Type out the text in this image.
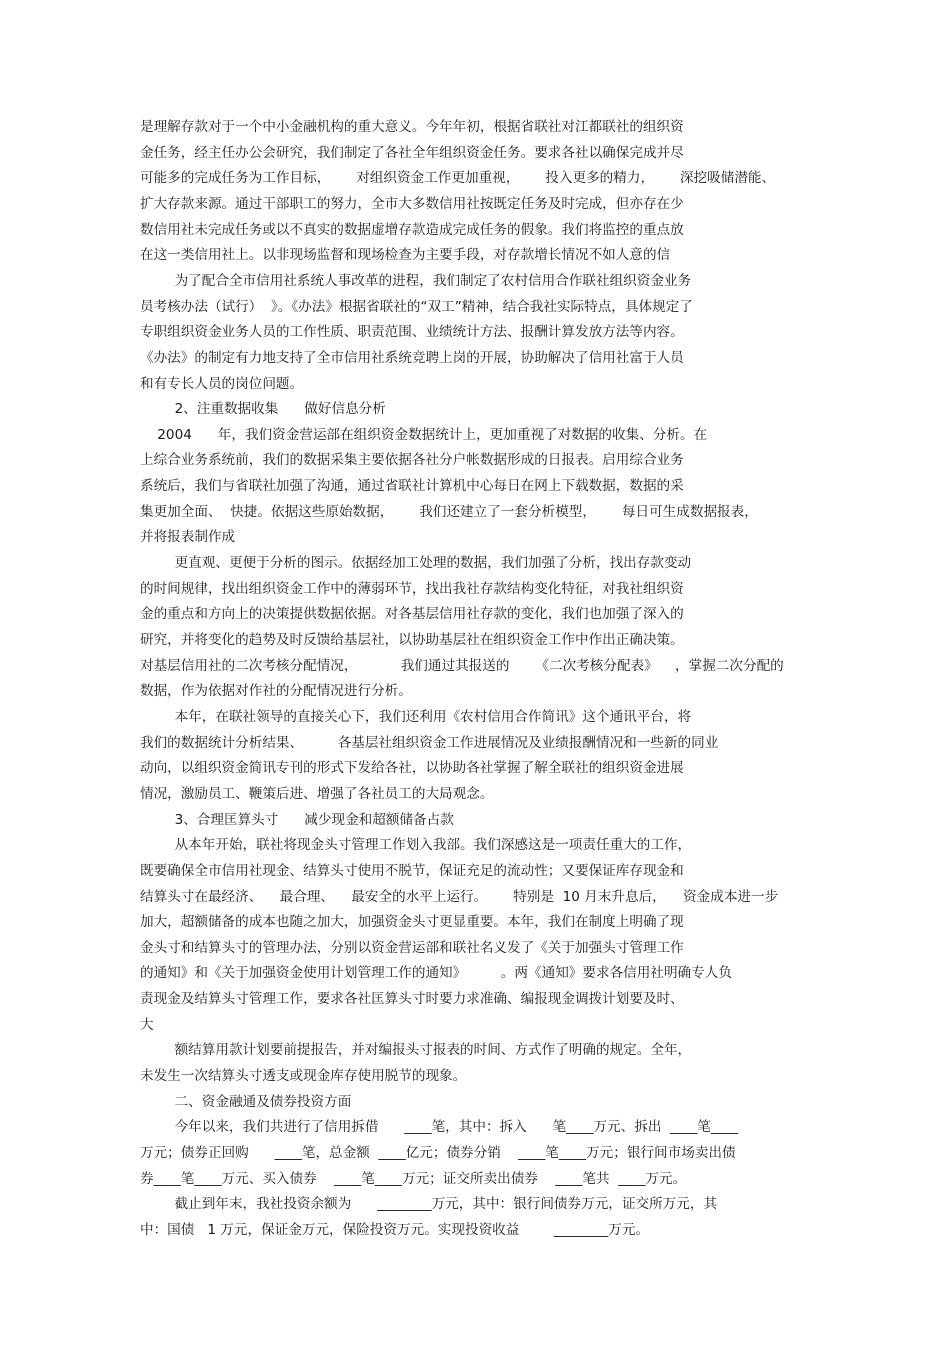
是理解存款对于一个中小金融机构的重大意义。今年年初，根据省联社对江都联社的组织资

金任务，经主任办公会研究，我们制定了各社全年组织资金任务。要求各社以确保完成并尽

可能多的完成任务为工作目标，      对组织资金工作更加重视，      投入更多的精力，      深挖吸储潜能、

扩大存款来源。通过干部职工的努力，全市大多数信用社按既定任务及时完成，但亦存在少

数信用社未完成任务或以不真实的数据虚增存款造成完成任务的假象。我们将监控的重点放

在这一类信用社上。以非现场监督和现场检查为主要手段，对存款增长情况不如人意的信

为了配合全市信用社系统人事改革的进程，我们制定了农村信用合作联社组织资金业务

员考核办法（试行）  》。《办法》根据省联社的“双工”精神，结合我社实际特点，具体规定了

专职组织资金业务人员的工作性质、职责范围、业绩统计方法、报酬计算发放方法等内容。

《办法》的制定有力地支持了全市信用社系统竞聘上岗的开展，协助解决了信用社富于人员

和有专长人员的岗位问题。

2、注重数据收集      做好信息分析

2004      年，我们资金营运部在组织资金数据统计上，更加重视了对数据的收集、分析。在

上综合业务系统前，我们的数据采集主要依据各社分户帐数据形成的日报表。启用综合业务

系统后，我们与省联社加强了沟通，通过省联社计算机中心每日在网上下载数据，数据的采

集更加全面、  快捷。依据这些原始数据，      我们还建立了一套分析模型，      每日可生成数据报表，

并将报表制作成

更直观、更便于分析的图示。依据经加工处理的数据，我们加强了分析，找出存款变动

的时间规律，找出组织资金工作中的薄弱环节，找出我社存款结构变化特征，对我社组织资

金的重点和方向上的决策提供数据依据。对各基层信用社存款的变化，我们也加强了深入的

研究，并将变化的趋势及时反馈给基层社，以协助基层社在组织资金工作中作出正确决策。

对基层信用社的二次考核分配情况，          我们通过其报送的      《二次考核分配表》    ，掌握二次分配的

数据，作为依据对作社的分配情况进行分析。

本年，在联社领导的直接关心下，我们还利用《农村信用合作简讯》这个通讯平台，将

我们的数据统计分析结果、        各基层社组织资金工作进展情况及业绩报酬情况和一些新的同业

动向，以组织资金简讯专刊的形式下发给各社，以协助各社掌握了解全联社的组织资金进展

情况，激励员工、鞭策后进、增强了各社员工的大局观念。

3、合理匡算头寸      减少现金和超额储备占款

从本年开始，联社将现金头寸管理工作划入我部。我们深感这是一项责任重大的工作，

既要确保全市信用社现金、结算头寸使用不脱节，保证充足的流动性；又要保证库存现金和

结算头寸在最经济、    最合理、    最安全的水平上运行。      特别是  10 月末升息后，    资金成本进一步

加大，超额储备的成本也随之加大，加强资金头寸更显重要。本年，我们在制度上明确了现

金头寸和结算头寸的管理办法，分别以资金营运部和联社名义发了《关于加强头寸管理工作

的通知》和《关于加强资金使用计划管理工作的通知》        。两《通知》要求各信用社明确专人负

责现金及结算头寸管理工作，要求各社匡算头寸时要力求准确、编报现金调拨计划要及时、

大

额结算用款计划要前提报告，并对编报头寸报表的时间、方式作了明确的规定。全年，

未发生一次结算头寸透支或现金库存使用脱节的现象。

二、资金融通及债券投资方面

今年以来，我们共进行了信用拆借      ____笔，其中：拆入      笔____万元、拆出  ____笔____

万元；债券正回购      ____笔，总金额  ____亿元；债券分销    ____笔____万元；银行间市场卖出债

券____笔____万元、买入债券    ____笔____万元；证交所卖出债券    ____笔共  ____万元。

截止到年末，我社投资余额为      ________万元，其中：银行间债券万元，证交所万元，其

中：国债   1 万元，保证金万元，保险投资万元。实现投资收益        ________万元。
